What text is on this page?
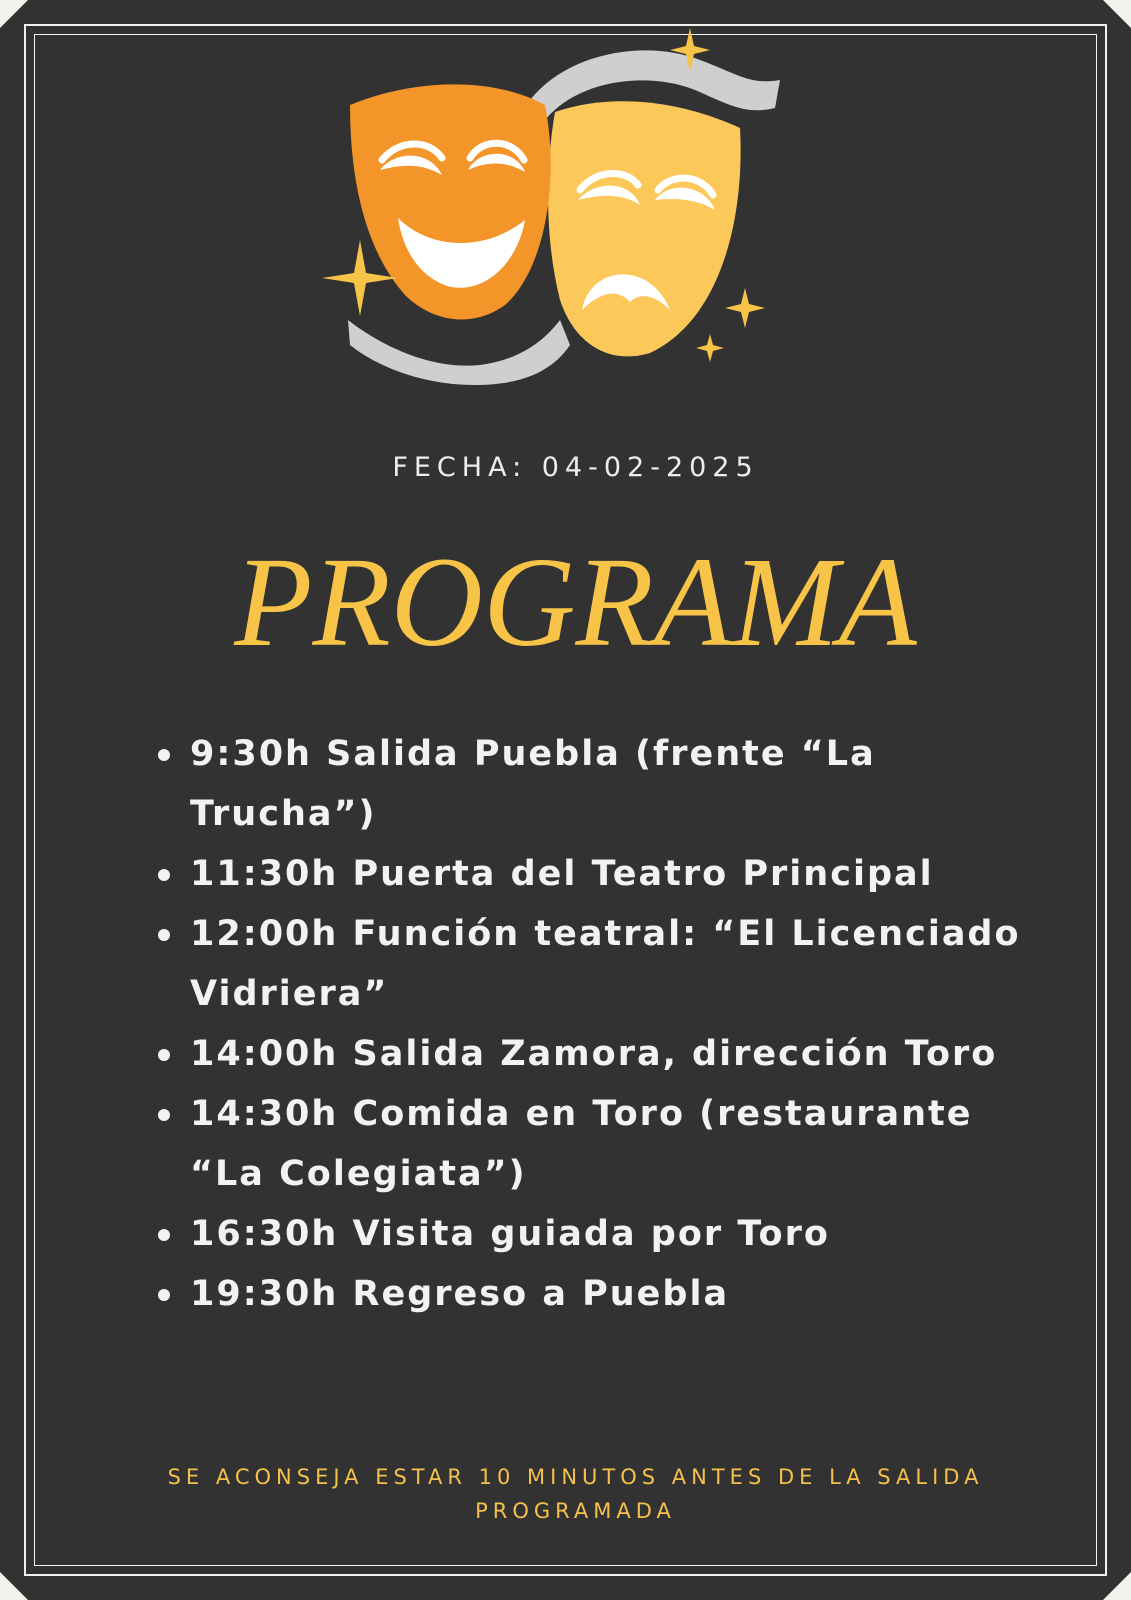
FECHA: 04-02-2025
PROGRAMA
9:30h Salida Puebla (frente “La Trucha”)
11:30h Puerta del Teatro Principal
12:00h Función teatral: “El Licenciado Vidriera”
14:00h Salida Zamora, dirección Toro
14:30h Comida en Toro (restaurante “La Colegiata”)
16:30h Visita guiada por Toro
19:30h Regreso a Puebla
SE ACONSEJA ESTAR 10 MINUTOS ANTES DE LA SALIDA PROGRAMADA
